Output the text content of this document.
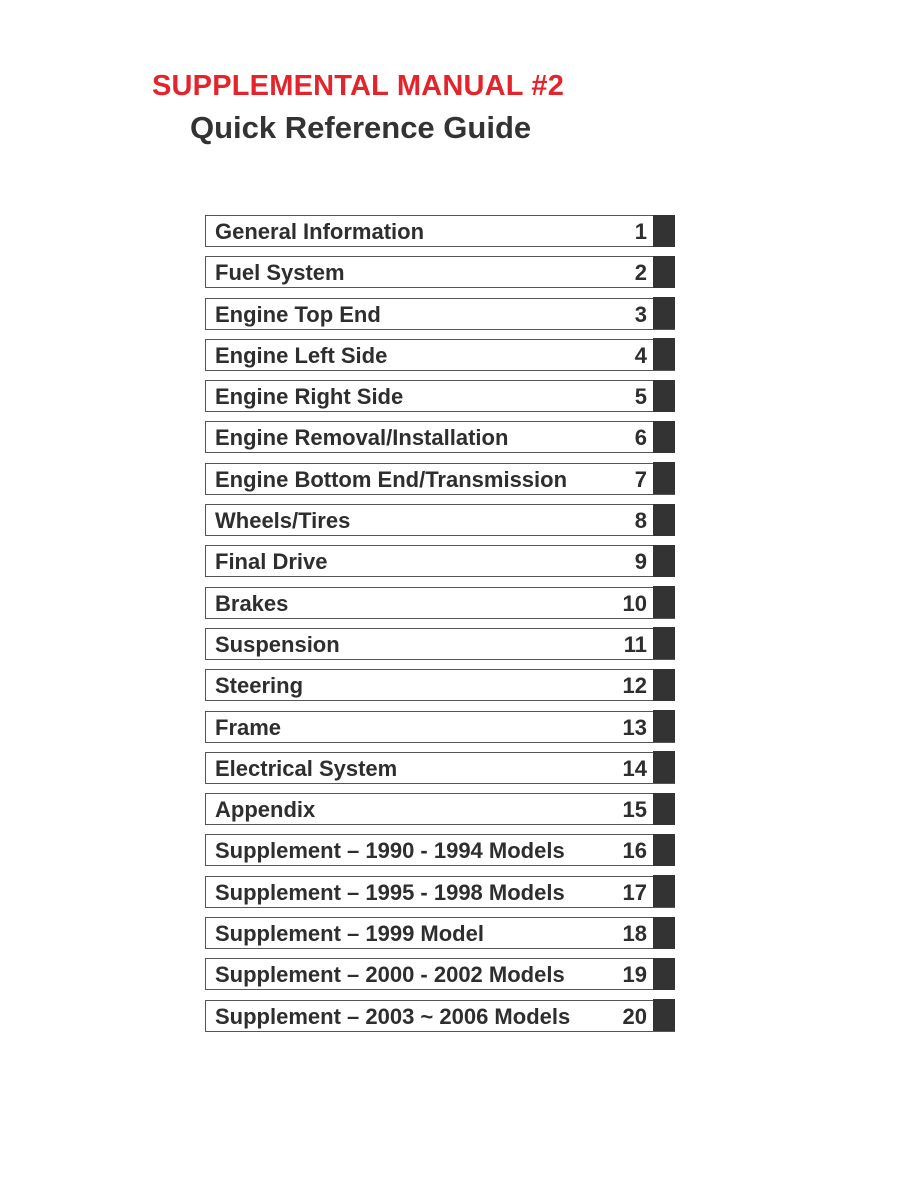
SUPPLEMENTAL MANUAL #2
Quick Reference Guide
General Information	1
Fuel System	2
Engine Top End	3
Engine Left Side	4
Engine Right Side	5
Engine Removal/Installation	6
Engine Bottom End/Transmission	7
Wheels/Tires	8
Final Drive	9
Brakes	10
Suspension	11
Steering	12
Frame	13
Electrical System	14
Appendix	15
Supplement – 1990 - 1994 Models	16
Supplement – 1995 - 1998 Models	17
Supplement – 1999 Model	18
Supplement – 2000 - 2002 Models	19
Supplement – 2003 ~ 2006 Models 20
